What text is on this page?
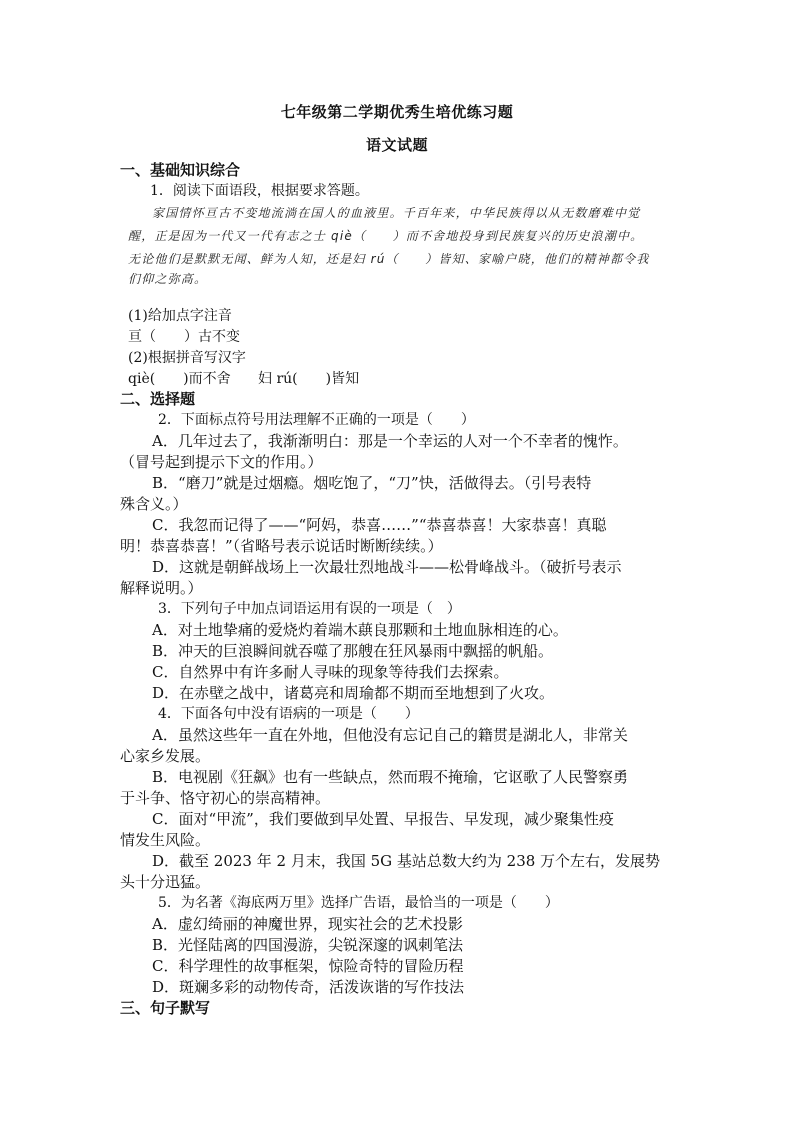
七年级第二学期优秀生培优练习题
语文试题
一、基础知识综合
1．阅读下面语段，根据要求答题。
家国情怀亘古不变地流淌在国人的血液里。千百年来，中华民族得以从无数磨难中觉
醒，正是因为一代又一代有志之士 qiè（　　）而不舍地投身到民族复兴的历史浪潮中。
无论他们是默默无闻、鲜为人知，还是妇 rú（　　）皆知、家喻户晓，他们的精神都令我
们仰之弥高。
(1)给加点字注音
亘（　　）古不变
(2)根据拼音写汉字
qiè(　　)而不舍 妇 rú(　　)皆知
二、选择题
2．下面标点符号用法理解不正确的一项是（　　）
A．几年过去了，我渐渐明白：那是一个幸运的人对一个不幸者的愧怍。
（冒号起到提示下文的作用。）
B．“磨刀”就是过烟瘾。烟吃饱了，“刀”快，活做得去。（引号表特
殊含义。）
C．我忽而记得了——“阿妈，恭喜……”“恭喜恭喜！大家恭喜！真聪
明！恭喜恭喜！”（省略号表示说话时断断续续。）
D．这就是朝鲜战场上一次最壮烈地战斗——松骨峰战斗。（破折号表示
解释说明。）
3．下列句子中加点词语运用有误的一项是（　）
A．对土地挚痛的爱烧灼着端木蕻良那颗和土地血脉相连的心。
B．冲天的巨浪瞬间就吞噬了那艘在狂风暴雨中飘摇的帆船。
C．自然界中有许多耐人寻味的现象等待我们去探索。
D．在赤壁之战中，诸葛亮和周瑜都不期而至地想到了火攻。
4．下面各句中没有语病的一项是（　　）
A．虽然这些年一直在外地，但他没有忘记自己的籍贯是湖北人，非常关
心家乡发展。
B．电视剧《狂飙》也有一些缺点，然而瑕不掩瑜，它讴歌了人民警察勇
于斗争、恪守初心的崇高精神。
C．面对“甲流”，我们要做到早处置、早报告、早发现，减少聚集性疫
情发生风险。
D．截至 2023 年 2 月末，我国 5G 基站总数大约为 238 万个左右，发展势
头十分迅猛。
5．为名著《海底两万里》选择广告语，最恰当的一项是（　　）
A．虚幻绮丽的神魔世界，现实社会的艺术投影
B．光怪陆离的四国漫游，尖锐深邃的讽刺笔法
C．科学理性的故事框架，惊险奇特的冒险历程
D．斑斓多彩的动物传奇，活泼诙谐的写作技法
三、句子默写
